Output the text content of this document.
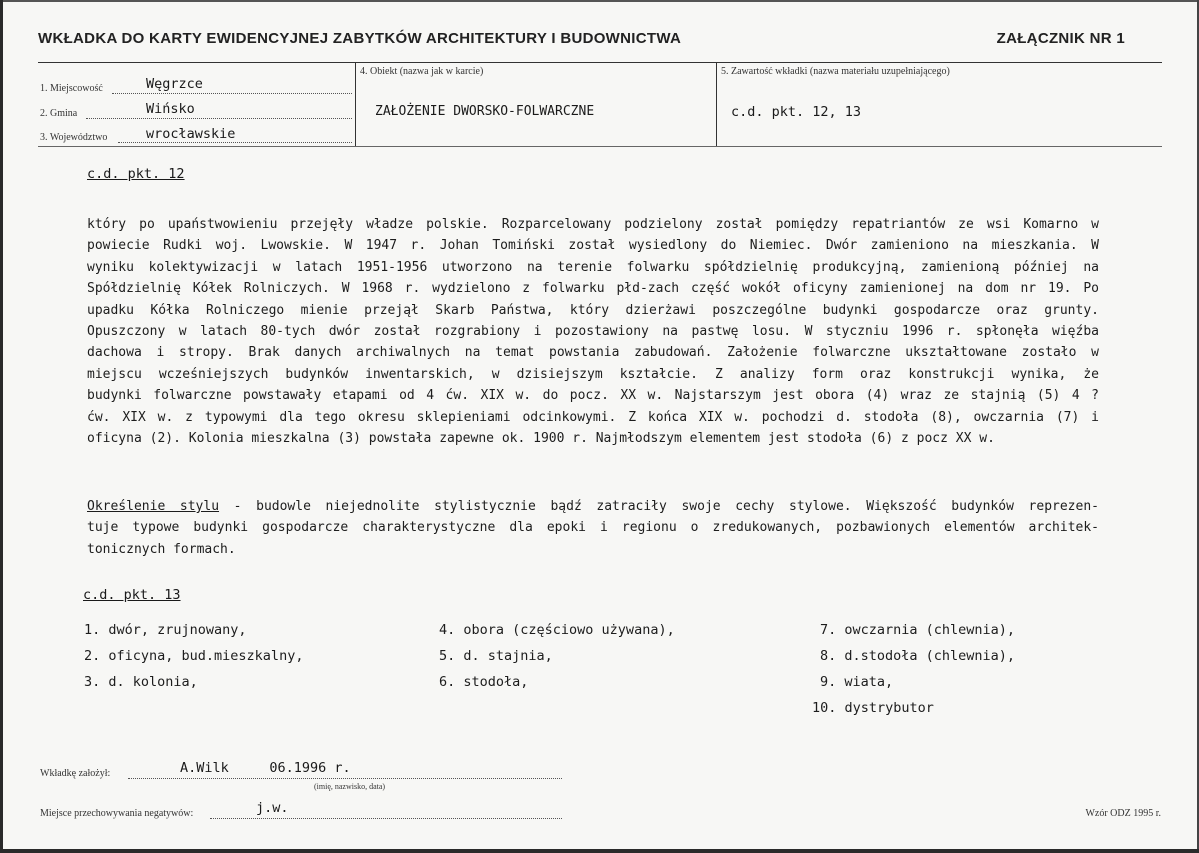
WKŁADKA DO KARTY EWIDENCYJNEJ ZABYTKÓW ARCHITEKTURY I BUDOWNICTWA	ZAŁĄCZNIK NR 1
1. Miejscowość	Węgrzce
2. Gmina	Wińsko
3. Województwo	wrocławskie
4. Obiekt (nazwa jak w karcie)
ZAŁOŻENIE DWORSKO-FOLWARCZNE
5. Zawartość wkładki (nazwa materiału uzupełniającego)
c.d. pkt. 12, 13
c.d. pkt. 12
który po upaństwowieniu przejęły władze polskie. Rozparcelowany podzielony został pomiędzy repatriantów ze wsi Komarno w
powiecie Rudki woj. Lwowskie. W 1947 r. Johan Tomiński został wysiedlony do Niemiec. Dwór zamieniono na mieszkania. W
wyniku kolektywizacji w latach 1951-1956 utworzono na terenie folwarku spółdzielnię produkcyjną, zamienioną później na
Spółdzielnię Kółek Rolniczych. W 1968 r. wydzielono z folwarku płd-zach część wokół oficyny zamienionej na dom nr 19. Po
upadku Kółka Rolniczego mienie przejął Skarb Państwa, który dzierżawi poszczególne budynki gospodarcze oraz grunty.
Opuszczony w latach 80-tych dwór został rozgrabiony i pozostawiony na pastwę losu. W styczniu 1996 r. spłonęła więźba
dachowa i stropy. Brak danych archiwalnych na temat powstania zabudowań. Założenie folwarczne ukształtowane zostało w
miejscu wcześniejszych budynków inwentarskich, w dzisiejszym kształcie. Z analizy form oraz konstrukcji wynika, że
budynki folwarczne powstawały etapami od 4 ćw. XIX w. do pocz. XX w. Najstarszym jest obora (4) wraz ze stajnią (5) 4 ?
ćw. XIX w. z typowymi dla tego okresu sklepieniami odcinkowymi. Z końca XIX w. pochodzi d. stodoła (8), owczarnia (7) i
oficyna (2). Kolonia mieszkalna (3) powstała zapewne ok. 1900 r. Najmłodszym elementem jest stodoła (6) z pocz XX w.
Określenie stylu - budowle niejednolite stylistycznie bądź zatraciły swoje cechy stylowe. Większość budynków reprezen-
tuje typowe budynki gospodarcze charakterystyczne dla epoki i regionu o zredukowanych, pozbawionych elementów architek-
tonicznych formach.
c.d. pkt. 13
1. dwór, zrujnowany,
2. oficyna, bud.mieszkalny,
3. d. kolonia,
4. obora (częściowo używana),
5. d. stajnia,
6. stodoła,
7. owczarnia (chlewnia),
8. d.stodoła (chlewnia),
9. wiata,
10. dystrybutor
Wkładkę założył:	A.Wilk     06.1996 r.
(imię, nazwisko, data)
Miejsce przechowywania negatywów:	j.w.	Wzór ODZ 1995 r.
